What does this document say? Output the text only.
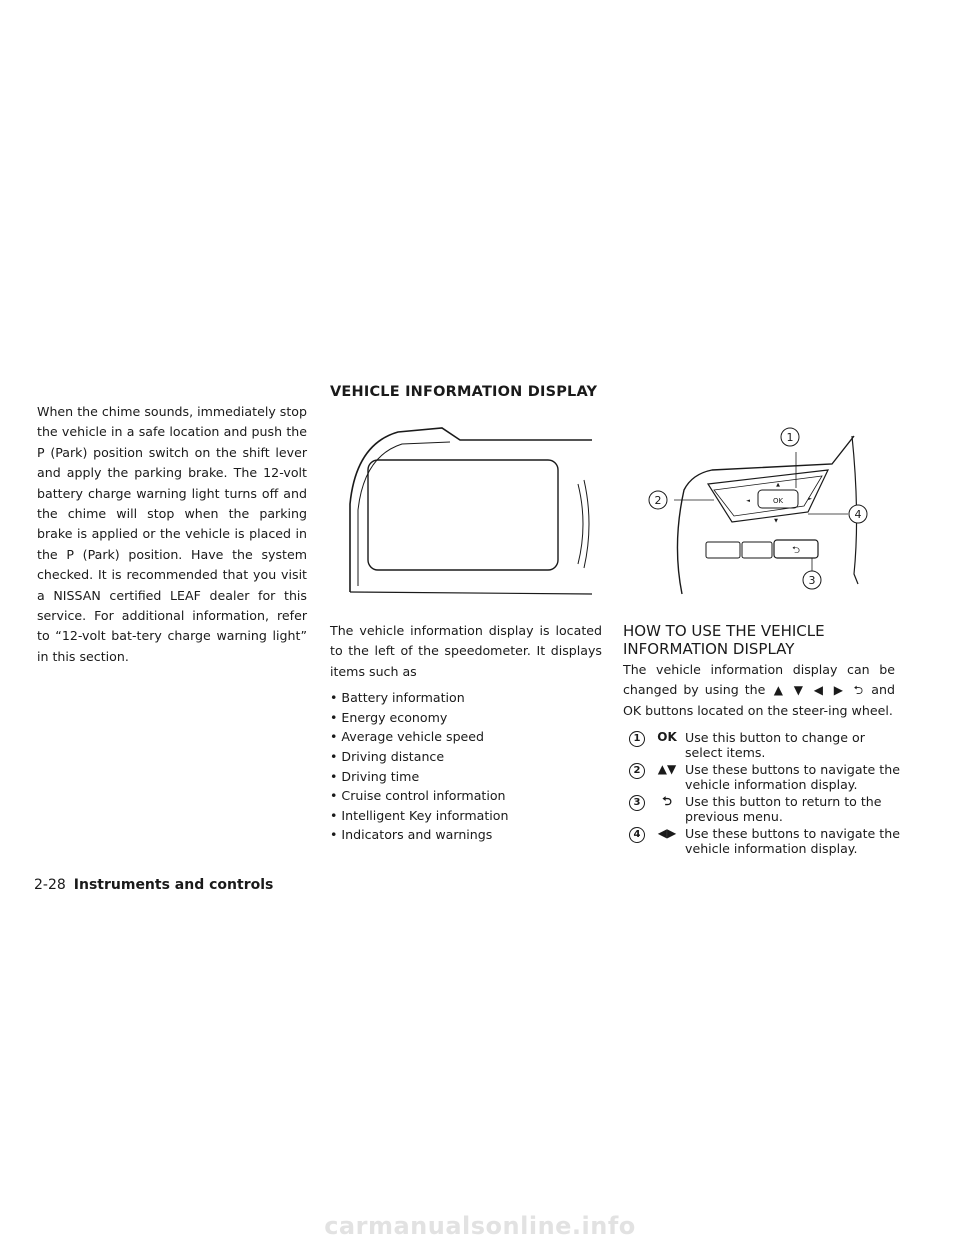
When the chime sounds, immediately stop the vehicle in a safe location and push the P (Park) position switch on the shift lever and apply the parking brake. The 12-volt battery charge warning light turns off and the chime will stop when the parking brake is applied or the vehicle is placed in the P (Park) position. Have the system checked. It is recommended that you visit a NISSAN certified LEAF dealer for this service. For additional information, refer to “12-volt bat-tery charge warning light” in this section.

VEHICLE INFORMATION DISPLAY
OK
▲
◄	►
▼
⮌
1
2
3
4

The vehicle information display is located to the left of the speedometer. It displays items such as

• Battery information
• Energy economy
• Average vehicle speed
• Driving distance
• Driving time
• Cruise control information
• Intelligent Key information
• Indicators and warnings
HOW TO USE THE VEHICLE INFORMATION DISPLAY

The vehicle information display can be changed by using the ▲ ▼ ◀ ▶ ⮌ and OK buttons located on the steer-ing wheel.

1	OK Use this button to change or select items.
2	▲▼ Use these buttons to navigate the vehicle information display.
3	⮌	Use this button to return to the previous menu.
4	◀▶ Use these buttons to navigate the vehicle information display.
2-28 Instruments and controls
carmanualsonline.info
